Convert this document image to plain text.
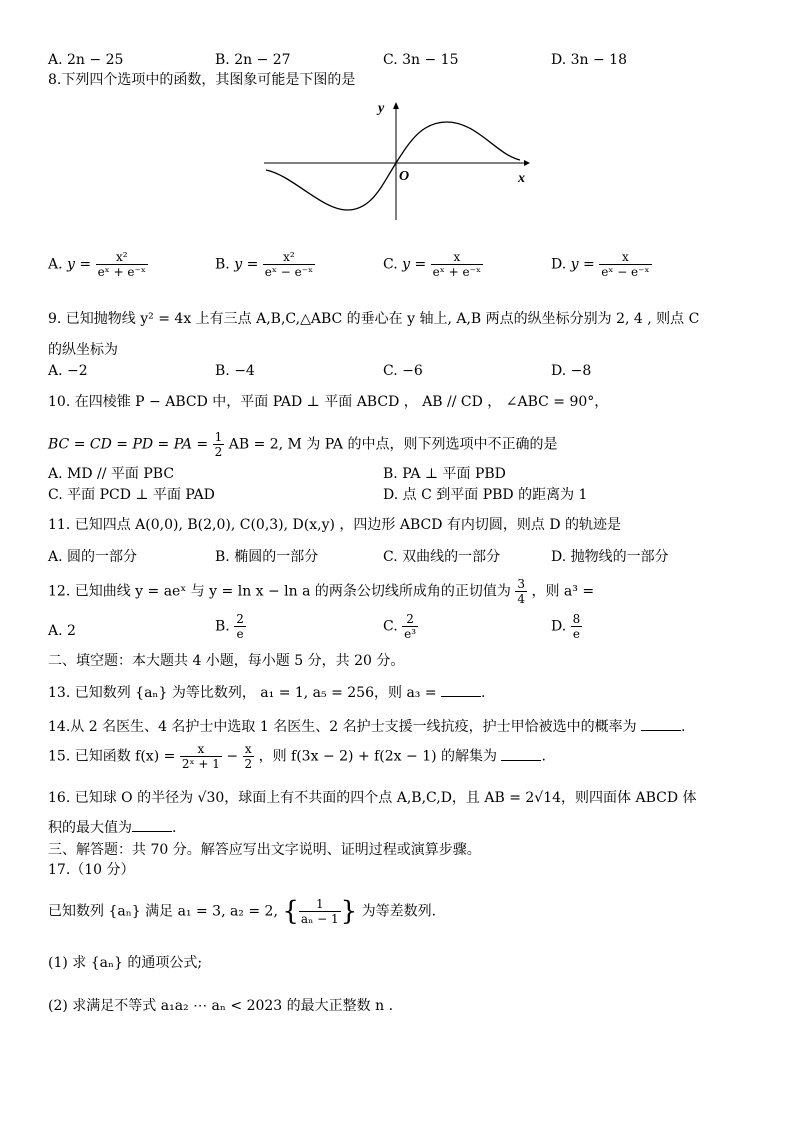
A. 2n − 25	B. 2n − 27	C. 3n − 15	D. 3n − 18
8.下列四个选项中的函数，其图象可能是下图的是
y
x
O
A. $y = \frac{\text{x²}}{\text{eˣ + e⁻ˣ}}$	B. $y = \frac{\text{x²}}{\text{eˣ − e⁻ˣ}}$	C. $y = \frac{x}{\text{eˣ + e⁻ˣ}}$	D. $y = \frac{x}{\text{eˣ − e⁻ˣ}}$
9. 已知抛物线 y² = 4x 上有三点 A,B,C,△ABC 的垂心在 y 轴上, A,B 两点的纵坐标分别为 2, 4 , 则点 C
的纵坐标为
A. −2	B. −4	C. −6	D. −8
10. 在四棱锥 P − ABCD 中，平面 PAD ⊥ 平面 ABCD ， AB // CD ， ∠ABC = 90°，
BC = CD = PD = PA = $\frac{1}{2}$ AB = 2, M 为 PA 的中点，则下列选项中不正确的是
A. MD // 平面 PBC	B. PA ⊥ 平面 PBD
C. 平面 PCD ⊥ 平面 PAD	D. 点 C 到平面 PBD 的距离为 1
11. 已知四点 A(0,0), B(2,0), C(0,3), D(x,y) ，四边形 ABCD 有内切圆，则点 D 的轨迹是
A. 圆的一部分	B. 椭圆的一部分	C. 双曲线的一部分	D. 抛物线的一部分
12. 已知曲线 y = aeˣ 与 y = ln x − ln a 的两条公切线所成角的正切值为 $\frac{3}{4}$ ，则 a³ =
A. 2	B. $\frac{2}{e}$	C. $\frac{2}{\text{e³}}$	D. $\frac{8}{e}$
二、填空题：本大题共 4 小题，每小题 5 分，共 20 分。
13. 已知数列 {aₙ} 为等比数列， a₁ = 1, a₅ = 256，则 a₃ =	.
14.从 2 名医生、4 名护士中选取 1 名医生、2 名护士支援一线抗疫，护士甲恰被选中的概率为	.
15. 已知函数 $f(x) = \frac{x}{\text{2ˣ + 1}} - \frac{x}{2}$ ，则 f(3x − 2) + f(2x − 1) 的解集为	.
16. 已知球 O 的半径为 √30，球面上有不共面的四个点 A,B,C,D，且 AB = 2√14，则四面体 ABCD 体
积的最大值为	.
三、解答题：共 70 分。解答应写出文字说明、证明过程或演算步骤。
17.（10 分）
已知数列 {aₙ} 满足 a₁ = 3, a₂ = 2, { $\frac{1}{\text{aₙ − 1}}$ } 为等差数列.
(1) 求 {aₙ} 的通项公式;
(2) 求满足不等式 a₁a₂ ⋯ aₙ < 2023 的最大正整数 n .
